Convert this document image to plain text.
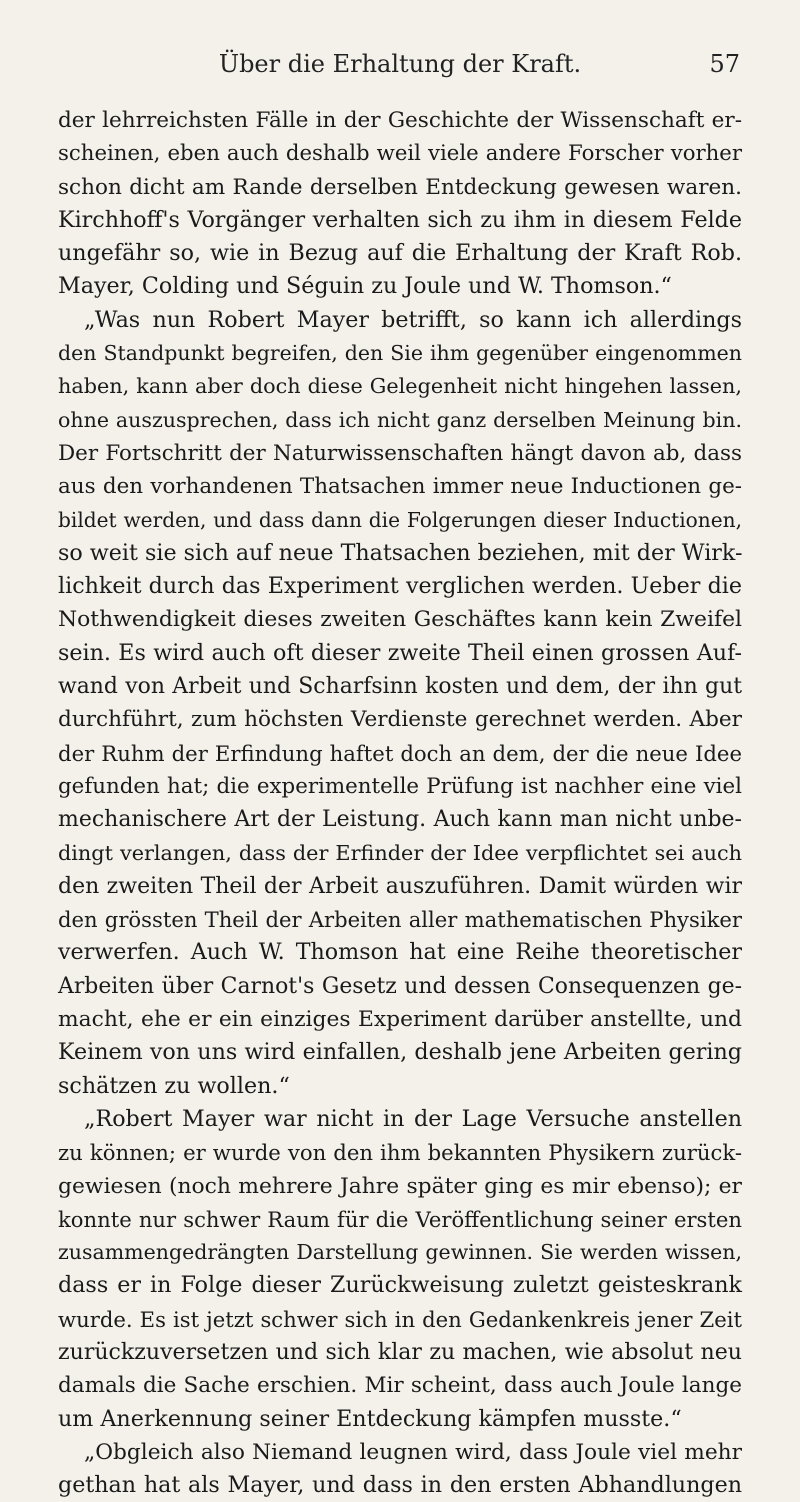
Über die Erhaltung der Kraft.	57
der lehrreichsten Fälle in der Geschichte der Wissenschaft er-
scheinen, eben auch deshalb weil viele andere Forscher vorher
schon dicht am Rande derselben Entdeckung gewesen waren.
Kirchhoff's Vorgänger verhalten sich zu ihm in diesem Felde
ungefähr so, wie in Bezug auf die Erhaltung der Kraft Rob.
Mayer, Colding und Séguin zu Joule und W. Thomson.“
„Was nun Robert Mayer betrifft, so kann ich allerdings
den Standpunkt begreifen, den Sie ihm gegenüber eingenommen
haben, kann aber doch diese Gelegenheit nicht hingehen lassen,
ohne auszusprechen, dass ich nicht ganz derselben Meinung bin.
Der Fortschritt der Naturwissenschaften hängt davon ab, dass
aus den vorhandenen Thatsachen immer neue Inductionen ge-
bildet werden, und dass dann die Folgerungen dieser Inductionen,
so weit sie sich auf neue Thatsachen beziehen, mit der Wirk-
lichkeit durch das Experiment verglichen werden. Ueber die
Nothwendigkeit dieses zweiten Geschäftes kann kein Zweifel
sein. Es wird auch oft dieser zweite Theil einen grossen Auf-
wand von Arbeit und Scharfsinn kosten und dem, der ihn gut
durchführt, zum höchsten Verdienste gerechnet werden. Aber
der Ruhm der Erfindung haftet doch an dem, der die neue Idee
gefunden hat; die experimentelle Prüfung ist nachher eine viel
mechanischere Art der Leistung. Auch kann man nicht unbe-
dingt verlangen, dass der Erfinder der Idee verpflichtet sei auch
den zweiten Theil der Arbeit auszuführen. Damit würden wir
den grössten Theil der Arbeiten aller mathematischen Physiker
verwerfen. Auch W. Thomson hat eine Reihe theoretischer
Arbeiten über Carnot's Gesetz und dessen Consequenzen ge-
macht, ehe er ein einziges Experiment darüber anstellte, und
Keinem von uns wird einfallen, deshalb jene Arbeiten gering
schätzen zu wollen.“
„Robert Mayer war nicht in der Lage Versuche anstellen
zu können; er wurde von den ihm bekannten Physikern zurück-
gewiesen (noch mehrere Jahre später ging es mir ebenso); er
konnte nur schwer Raum für die Veröffentlichung seiner ersten
zusammengedrängten Darstellung gewinnen. Sie werden wissen,
dass er in Folge dieser Zurückweisung zuletzt geisteskrank
wurde. Es ist jetzt schwer sich in den Gedankenkreis jener Zeit
zurückzuversetzen und sich klar zu machen, wie absolut neu
damals die Sache erschien. Mir scheint, dass auch Joule lange
um Anerkennung seiner Entdeckung kämpfen musste.“
„Obgleich also Niemand leugnen wird, dass Joule viel mehr
gethan hat als Mayer, und dass in den ersten Abhandlungen
